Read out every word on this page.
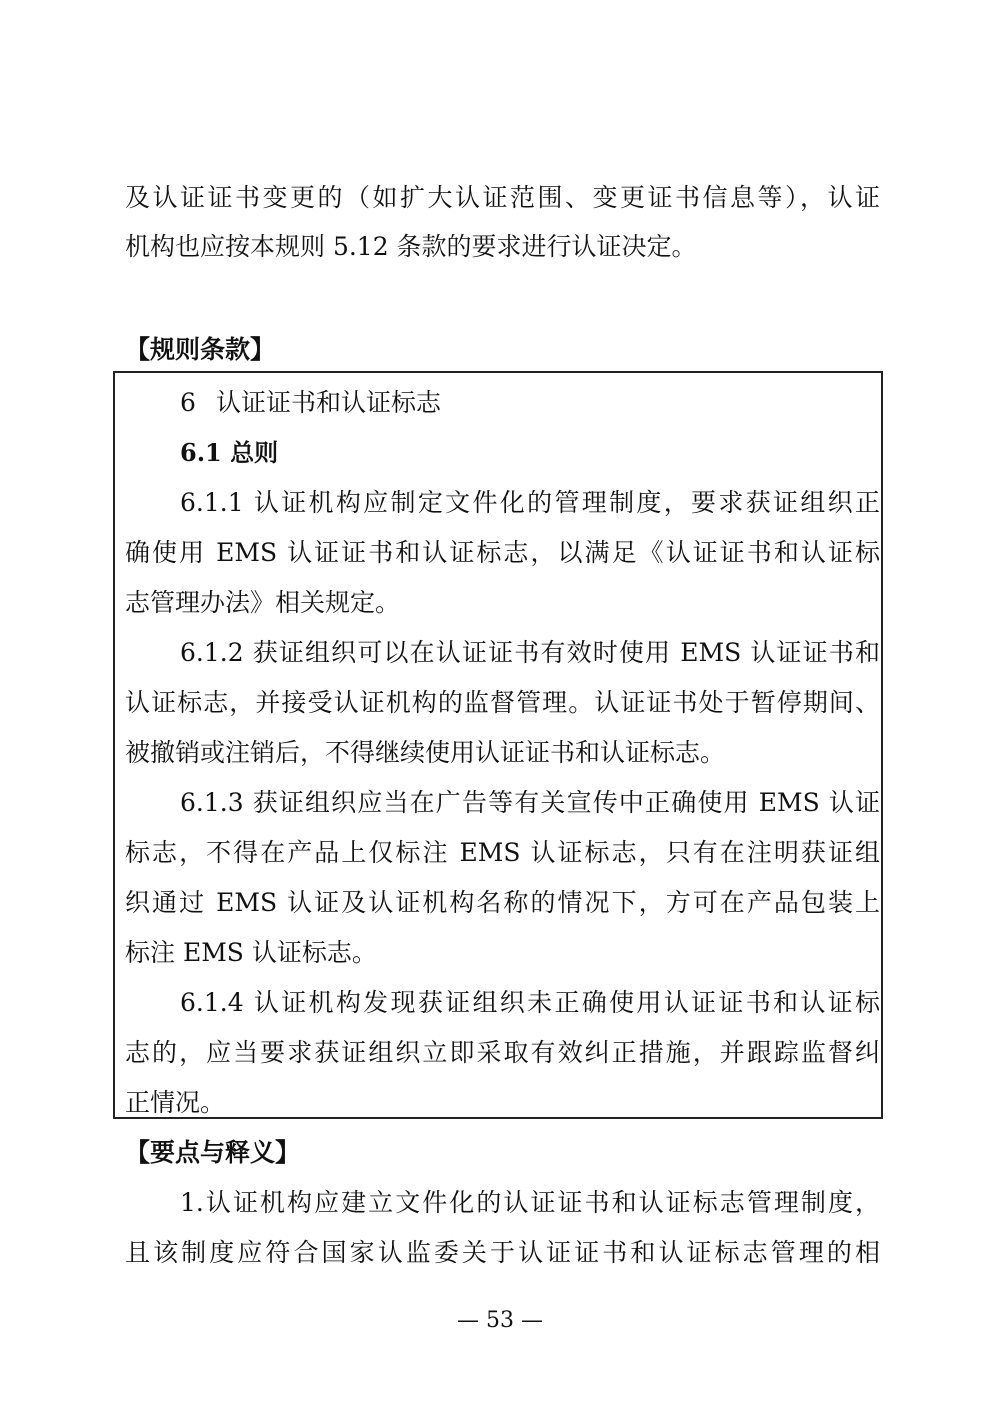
及认证证书变更的（如扩大认证范围、变更证书信息等），认证
机构也应按本规则 5.12 条款的要求进行认证决定。
【规则条款】
6 认证证书和认证标志
6.1 总则
6.1.1 认证机构应制定文件化的管理制度，要求获证组织正
确使用 EMS 认证证书和认证标志，以满足《认证证书和认证标
志管理办法》相关规定。
6.1.2 获证组织可以在认证证书有效时使用 EMS 认证证书和
认证标志，并接受认证机构的监督管理。认证证书处于暂停期间、
被撤销或注销后，不得继续使用认证证书和认证标志。
6.1.3 获证组织应当在广告等有关宣传中正确使用 EMS 认证
标志，不得在产品上仅标注 EMS 认证标志，只有在注明获证组
织通过 EMS 认证及认证机构名称的情况下，方可在产品包装上
标注 EMS 认证标志。
6.1.4 认证机构发现获证组织未正确使用认证证书和认证标
志的，应当要求获证组织立即采取有效纠正措施，并跟踪监督纠
正情况。
【要点与释义】
1.认证机构应建立文件化的认证证书和认证标志管理制度，
且该制度应符合国家认监委关于认证证书和认证标志管理的相
— 53 —
